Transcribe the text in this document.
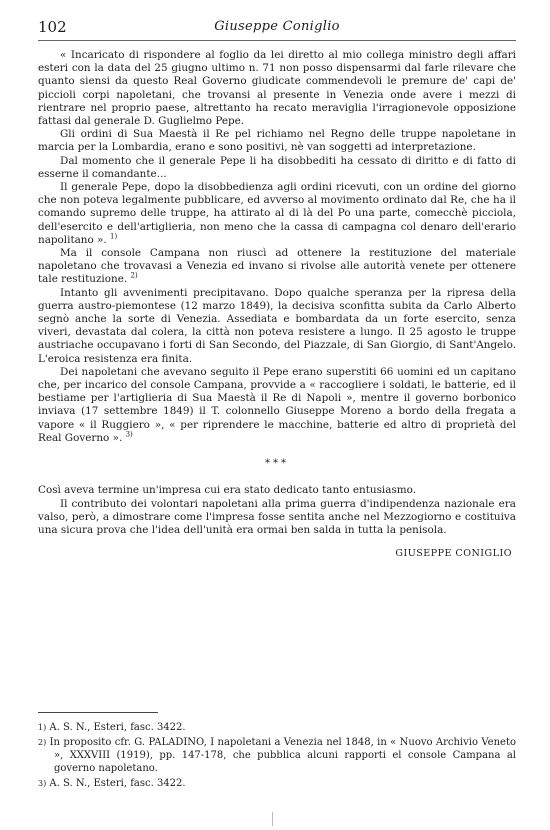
102	Giuseppe Coniglio

« Incaricato di rispondere al foglio da lei diretto al mio collega ministro degli affari esteri con la data del 25 giugno ultimo n. 71 non posso dispensarmi dal farle rilevare che quanto siensi da questo Real Governo giudicate commendevoli le premure de' capi de' piccioli corpi napoletani, che trovansi al presente in Venezia onde avere i mezzi di rientrare nel proprio paese, altrettanto ha recato meraviglia l'irragionevole opposizione fattasi dal generale D. Guglielmo Pepe.

Gli ordini di Sua Maestà il Re pel richiamo nel Regno delle truppe napoletane in marcia per la Lombardia, erano e sono positivi, nè van soggetti ad interpretazione.

Dal momento che il generale Pepe li ha disobbediti ha cessato di diritto e di fatto di esserne il comandante...

Il generale Pepe, dopo la disobbedienza agli ordini ricevuti, con un ordine del giorno che non poteva legalmente pubblicare, ed avverso al movimento ordinato dal Re, che ha il comando supremo delle truppe, ha attirato al di là del Po una parte, comecchè picciola, dell'esercito e dell'artiglieria, non meno che la cassa di campagna col denaro dell'erario napolitano ». $^{1)}$

Ma il console Campana non riuscì ad ottenere la restituzione del materiale napoletano che trovavasi a Venezia ed invano si rivolse alle autorità venete per ottenere tale restituzione. $^{2)}$

Intanto gli avvenimenti precipitavano. Dopo qualche speranza per la ripresa della guerra austro-piemontese (12 marzo 1849), la decisiva sconfitta subita da Carlo Alberto segnò anche la sorte di Venezia. Assediata e bombardata da un forte esercito, senza viveri, devastata dal colera, la città non poteva resistere a lungo. Il 25 agosto le truppe austriache occupavano i forti di San Secondo, del Piazzale, di San Giorgio, di Sant'Angelo. L'eroica resistenza era finita.

Dei napoletani che avevano seguito il Pepe erano superstiti 66 uomini ed un capitano che, per incarico del console Campana, provvide a « raccogliere i soldati, le batterie, ed il bestiame per l'artiglieria di Sua Maestà il Re di Napoli », mentre il governo borbonico inviava (17 settembre 1849) il T. colonnello Giuseppe Moreno a bordo della fregata a vapore « il Ruggiero », « per riprendere le macchine, batterie ed altro di proprietà del Real Governo ». $^{3)}$

***

Così aveva termine un'impresa cui era stato dedicato tanto entusiasmo.

Il contributo dei volontari napoletani alla prima guerra d'indipendenza nazionale era valso, però, a dimostrare come l'impresa fosse sentita anche nel Mezzogiorno e costituiva una sicura prova che l'idea dell'unità era ormai ben salda in tutta la penisola.

GIUSEPPE CONIGLIO

1) A. S. N., Esteri, fasc. 3422.

2) In proposito cfr. G. PALADINO, I napoletani a Venezia nel 1848, in « Nuovo Archivio Veneto », XXXVIII (1919), pp. 147-178, che pubblica alcuni rapporti el console Campana al governo napoletano.

3) A. S. N., Esteri, fasc. 3422.
